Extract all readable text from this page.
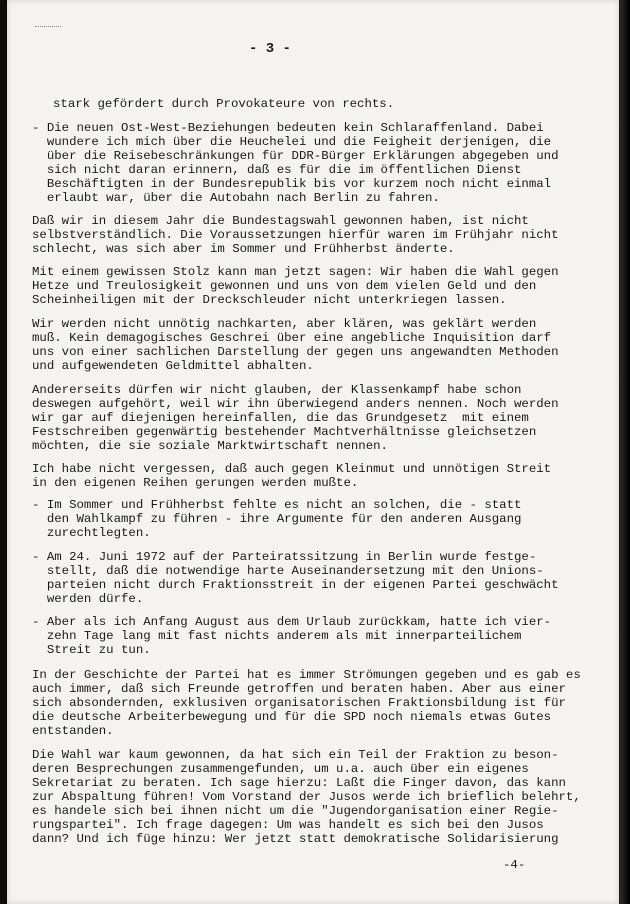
- 3 -
stark gefördert durch Provokateure von rechts.
- Die neuen Ost-West-Beziehungen bedeuten kein Schlaraffenland. Dabei
wundere ich mich über die Heuchelei und die Feigheit derjenigen, die
über die Reisebeschränkungen für DDR-Bürger Erklärungen abgegeben und
sich nicht daran erinnern, daß es für die im öffentlichen Dienst
Beschäftigten in der Bundesrepublik bis vor kurzem noch nicht einmal
erlaubt war, über die Autobahn nach Berlin zu fahren.
Daß wir in diesem Jahr die Bundestagswahl gewonnen haben, ist nicht
selbstverständlich. Die Voraussetzungen hierfür waren im Frühjahr nicht
schlecht, was sich aber im Sommer und Frühherbst änderte.
Mit einem gewissen Stolz kann man jetzt sagen: Wir haben die Wahl gegen
Hetze und Treulosigkeit gewonnen und uns von dem vielen Geld und den
Scheinheiligen mit der Dreckschleuder nicht unterkriegen lassen.
Wir werden nicht unnötig nachkarten, aber klären, was geklärt werden
muß. Kein demagogisches Geschrei über eine angebliche Inquisition darf
uns von einer sachlichen Darstellung der gegen uns angewandten Methoden
und aufgewendeten Geldmittel abhalten.
Andererseits dürfen wir nicht glauben, der Klassenkampf habe schon
deswegen aufgehört, weil wir ihn überwiegend anders nennen. Noch werden
wir gar auf diejenigen hereinfallen, die das Grundgesetz  mit einem
Festschreiben gegenwärtig bestehender Machtverhältnisse gleichsetzen
möchten, die sie soziale Marktwirtschaft nennen.
Ich habe nicht vergessen, daß auch gegen Kleinmut und unnötigen Streit
in den eigenen Reihen gerungen werden mußte.
- Im Sommer und Frühherbst fehlte es nicht an solchen, die - statt
den Wahlkampf zu führen - ihre Argumente für den anderen Ausgang
zurechtlegten.
- Am 24. Juni 1972 auf der Parteiratssitzung in Berlin wurde festge-
stellt, daß die notwendige harte Auseinandersetzung mit den Unions-
parteien nicht durch Fraktionsstreit in der eigenen Partei geschwächt
werden dürfe.
- Aber als ich Anfang August aus dem Urlaub zurückkam, hatte ich vier-
zehn Tage lang mit fast nichts anderem als mit innerparteilichem
Streit zu tun.
In der Geschichte der Partei hat es immer Strömungen gegeben und es gab es
auch immer, daß sich Freunde getroffen und beraten haben. Aber aus einer
sich absondernden, exklusiven organisatorischen Fraktionsbildung ist für
die deutsche Arbeiterbewegung und für die SPD noch niemals etwas Gutes
entstanden.
Die Wahl war kaum gewonnen, da hat sich ein Teil der Fraktion zu beson-
deren Besprechungen zusammengefunden, um u.a. auch über ein eigenes
Sekretariat zu beraten. Ich sage hierzu: Laßt die Finger davon, das kann
zur Abspaltung führen! Vom Vorstand der Jusos werde ich brieflich belehrt,
es handele sich bei ihnen nicht um die "Jugendorganisation einer Regie-
rungspartei". Ich frage dagegen: Um was handelt es sich bei den Jusos
dann? Und ich füge hinzu: Wer jetzt statt demokratische Solidarisierung
-4-
